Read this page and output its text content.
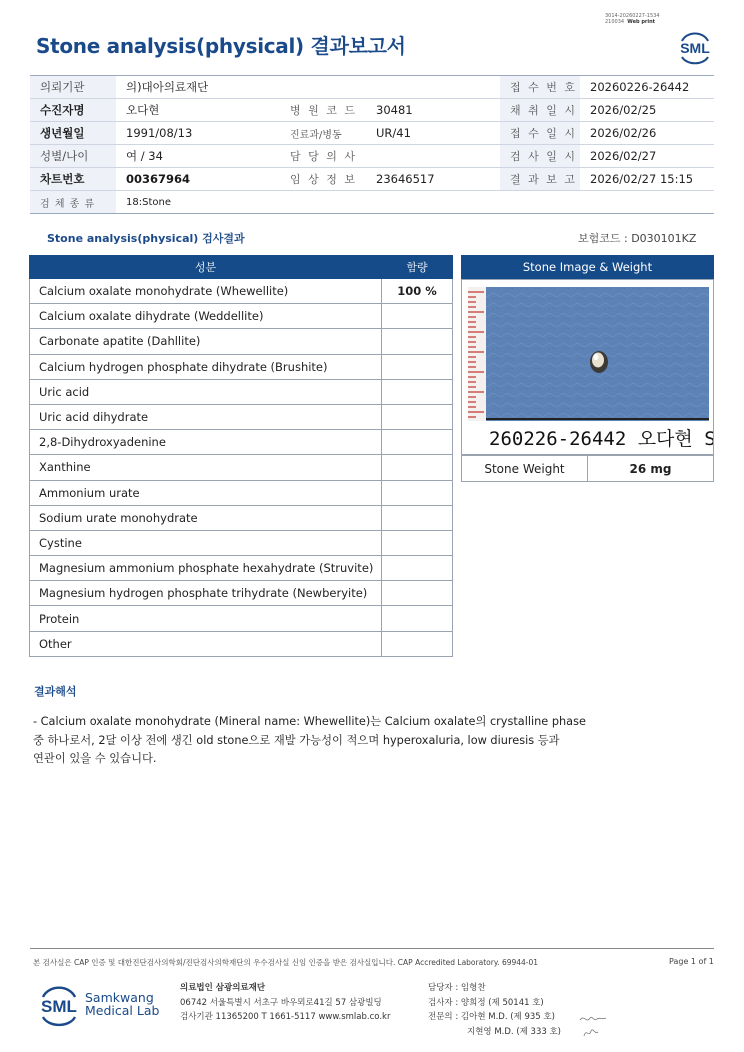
3014-20260227-1534
210034 Web print
Stone analysis(physical) 결과보고서	SML
의뢰기관	의)대아의료재단			접 수 번 호	20260226-26442
수진자명	오다현	병 원 코 드	30481	채 취 일 시	2026/02/25
생년월일	1991/08/13	진료과/병동	UR/41	접 수 일 시	2026/02/26
성별/나이	여 / 34	담 당 의 사		검 사 일 시	2026/02/27
차트번호	00367964	임 상 정 보	23646517	결 과 보 고	2026/02/27 15:15
검 체 종 류	18:Stone				
Stone analysis(physical) 검사결과	보험코드 : D030101KZ
성분	함량
Calcium oxalate monohydrate (Whewellite)	100 %
Calcium oxalate dihydrate (Weddellite)	
Carbonate apatite (Dahllite)	
Calcium hydrogen phosphate dihydrate (Brushite)	
Uric acid	
Uric acid dihydrate	
2,8-Dihydroxyadenine	
Xanthine	
Ammonium urate	
Sodium urate monohydrate	
Cystine	
Magnesium ammonium phosphate hexahydrate (Struvite)	
Magnesium hydrogen phosphate trihydrate (Newberyite)	
Protein	
Other	
Stone Image & Weight
260226-26442 오다현 S
Stone Weight	26 mg
결과해석
- Calcium oxalate monohydrate (Mineral name: Whewellite)는 Calcium oxalate의 crystalline phase
중 하나로서, 2달 이상 전에 생긴 old stone으로 재발 가능성이 적으며 hyperoxaluria, low diuresis 등과
연관이 있을 수 있습니다.
본 검사실은 CAP 인증 및 대한진단검사의학회/진단검사의학재단의 우수검사실 신임 인증을 받은 검사실입니다. CAP Accredited Laboratory. 69944-01	Page 1 of 1
SML Samkwang
Medical Lab
의료법인 삼광의료재단
06742 서울특별시 서초구 바우뫼로41길 57 삼광빌딩
검사기관 11365200 T 1661-5117 www.smlab.co.kr
담당자 : 임형찬
검사자 : 양희정 (제 50141 호)
전문의 : 김아현 M.D. (제 935 호)
지현영 M.D. (제 333 호)
